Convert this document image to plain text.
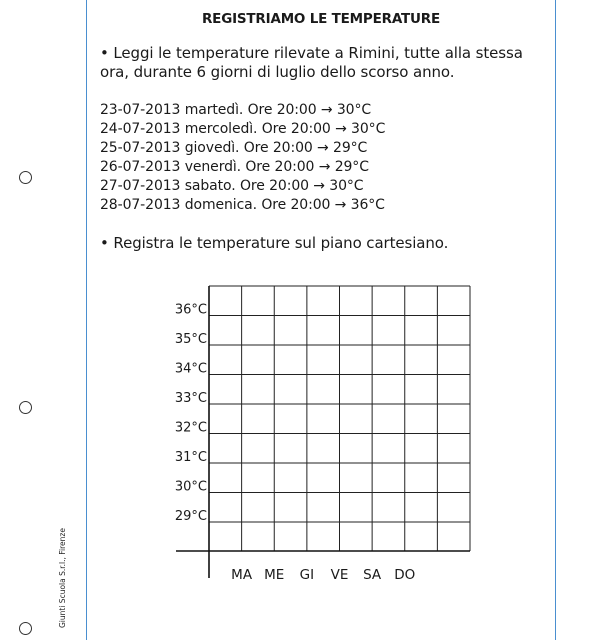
REGISTRIAMO LE TEMPERATURE
• Leggi le temperature rilevate a Rimini, tutte alla stessa
ora, durante 6 giorni di luglio dello scorso anno.
23-07-2013 martedì. Ore 20:00 → 30°C
24-07-2013 mercoledì. Ore 20:00 → 30°C
25-07-2013 giovedì. Ore 20:00 → 29°C
26-07-2013 venerdì. Ore 20:00 → 29°C
27-07-2013 sabato. Ore 20:00 → 30°C
28-07-2013 domenica. Ore 20:00 → 36°C
• Registra le temperature sul piano cartesiano.
29°C
30°C
31°C
32°C
33°C
34°C
35°C
36°C
MA ME GI VE SA DO
Giunti Scuola S.r.l., Firenze
